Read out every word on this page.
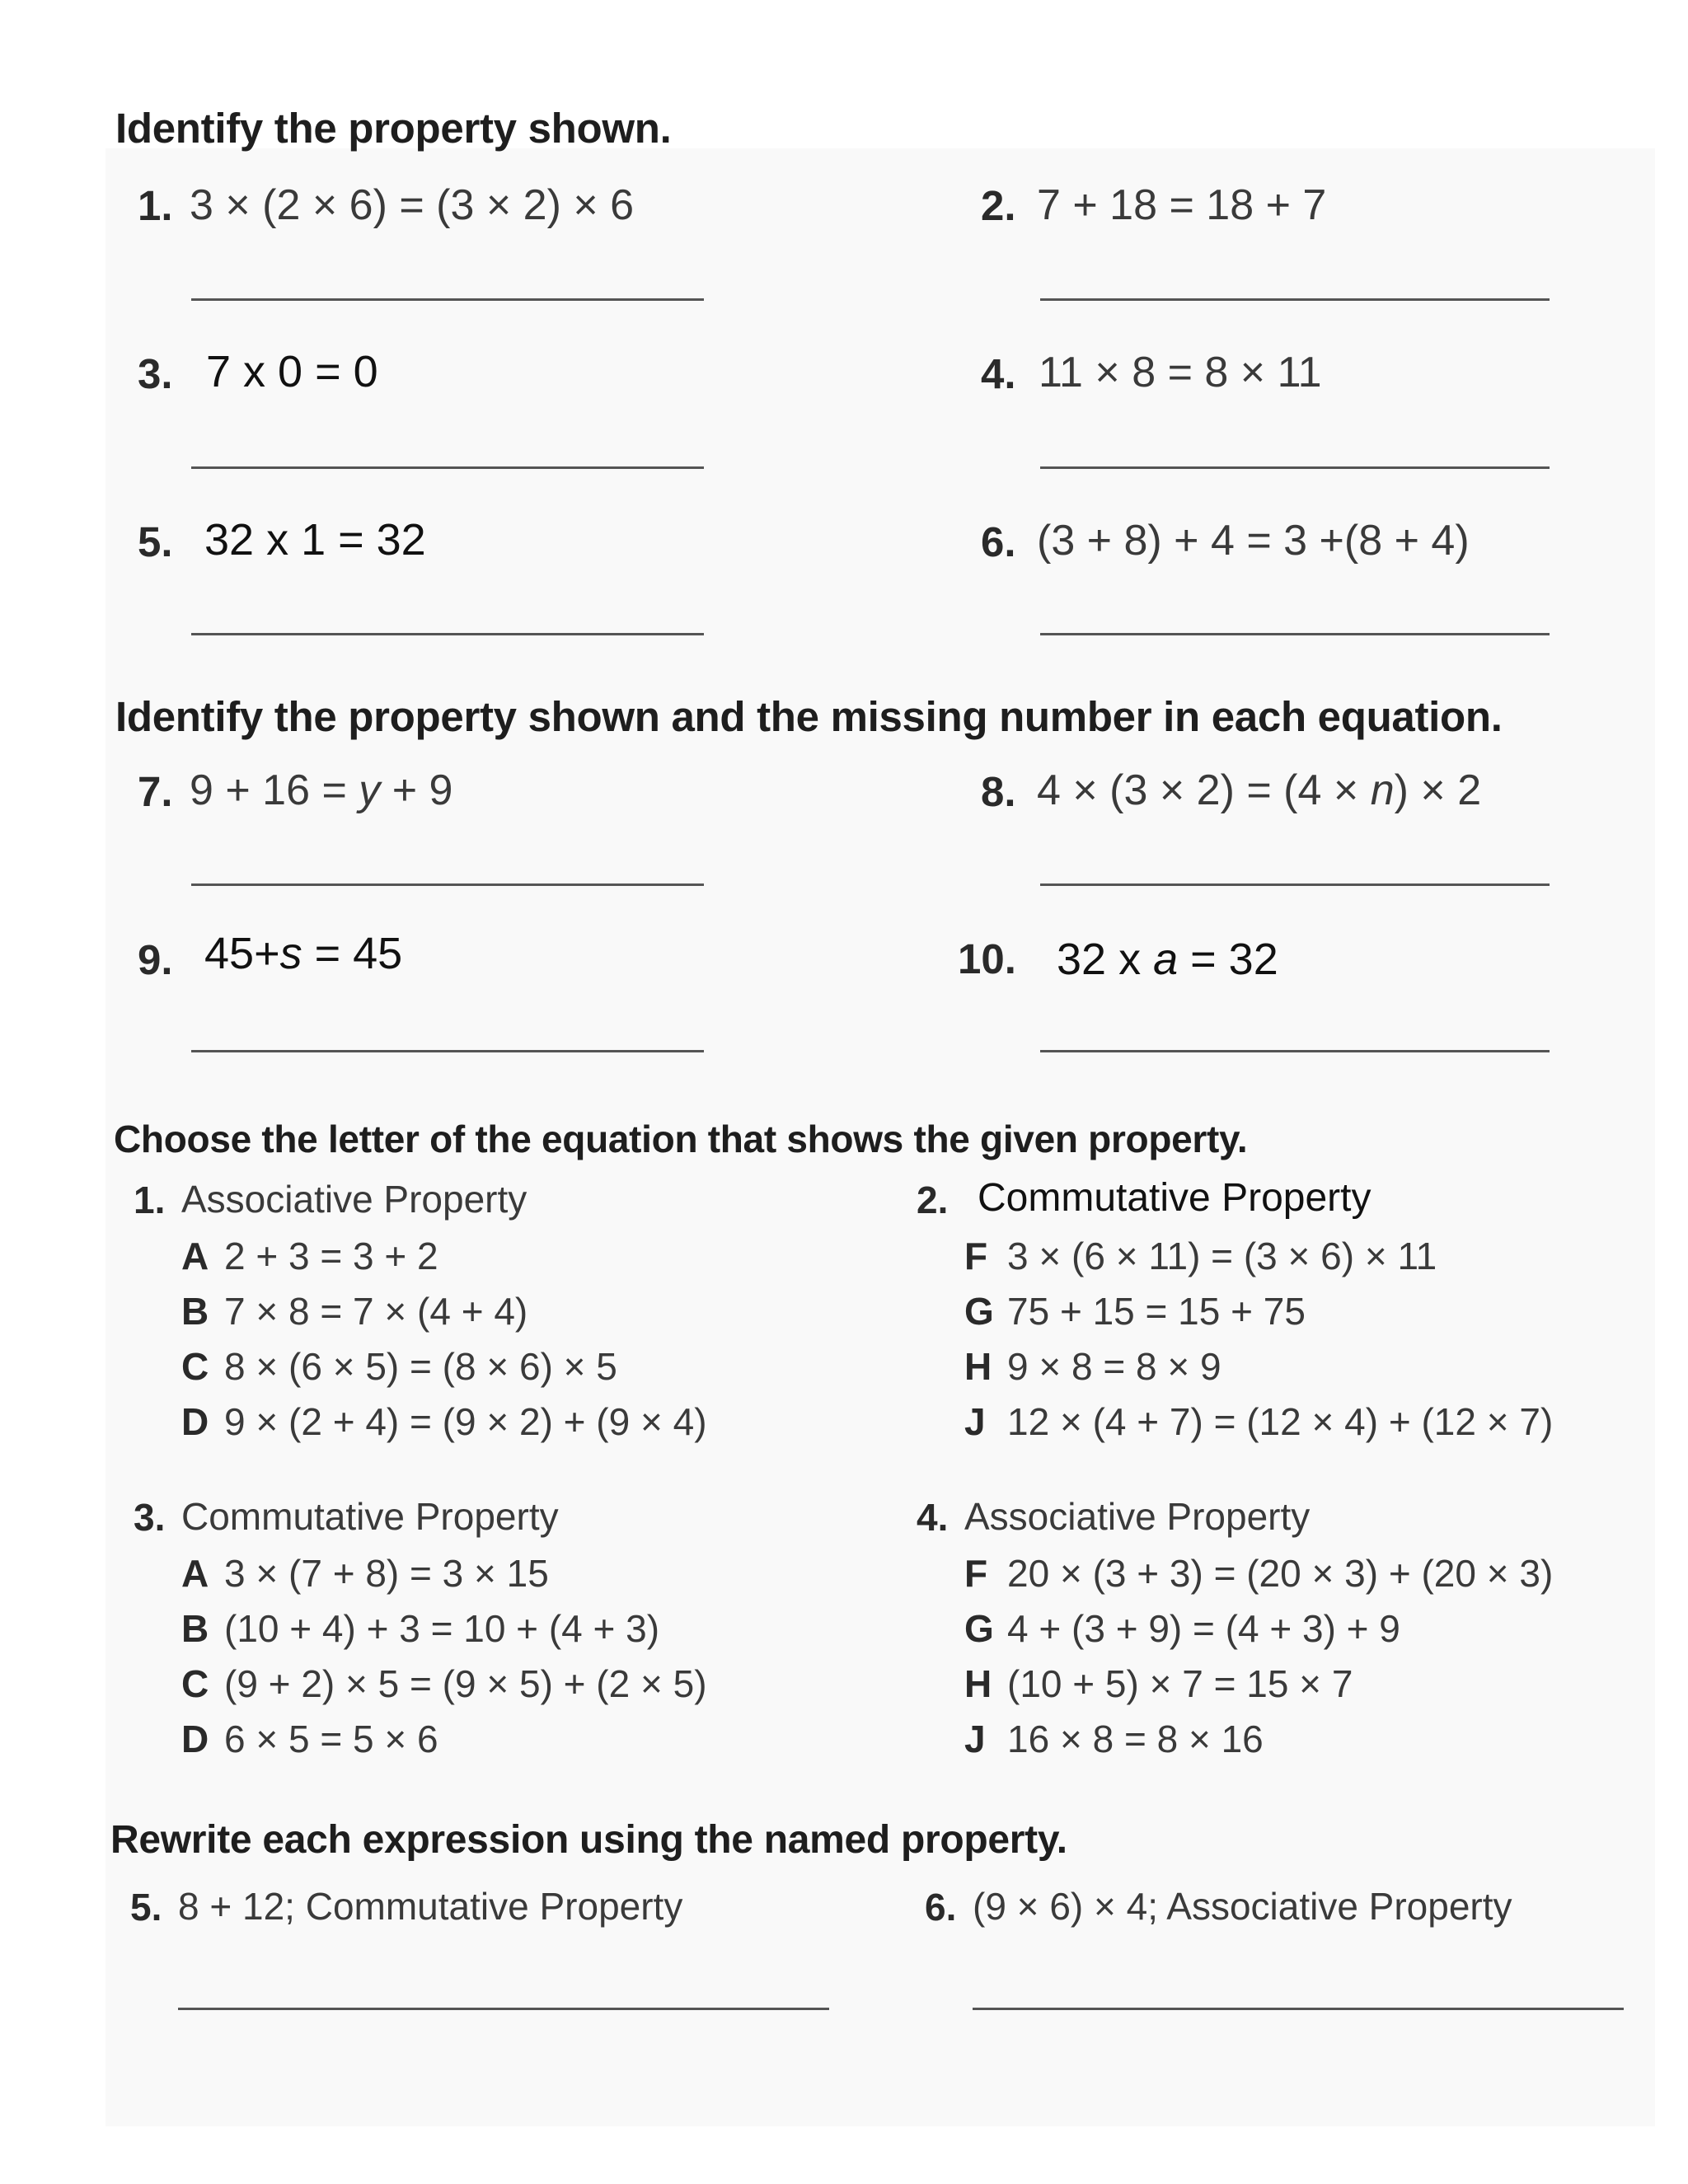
Identify the property shown.
1. 3 × (2 × 6) = (3 × 2) × 6	2. 7 + 18 = 18 + 7
3. 7 x 0 = 0	4. 11 × 8 = 8 × 11
5. 32 x 1 = 32	6. (3 + 8) + 4 = 3 +(8 + 4)
Identify the property shown and the missing number in each equation.
7. 9 + 16 = y + 9	8. 4 × (3 × 2) = (4 × n) × 2
9. 45+s = 45	10. 32 x a = 32
Choose the letter of the equation that shows the given property.
1. Associative Property
A 2 + 3 = 3 + 2
B 7 × 8 = 7 × (4 + 4)
C 8 × (6 × 5) = (8 × 6) × 5
D 9 × (2 + 4) = (9 × 2) + (9 × 4)
2. Commutative Property
F 3 × (6 × 11) = (3 × 6) × 11
G 75 + 15 = 15 + 75
H 9 × 8 = 8 × 9
J 12 × (4 + 7) = (12 × 4) + (12 × 7)
3. Commutative Property
A 3 × (7 + 8) = 3 × 15
B (10 + 4) + 3 = 10 + (4 + 3)
C (9 + 2) × 5 = (9 × 5) + (2 × 5)
D 6 × 5 = 5 × 6
4. Associative Property
F 20 × (3 + 3) = (20 × 3) + (20 × 3)
G 4 + (3 + 9) = (4 + 3) + 9
H (10 + 5) × 7 = 15 × 7
J 16 × 8 = 8 × 16
Rewrite each expression using the named property.
5. 8 + 12; Commutative Property	6. (9 × 6) × 4; Associative Property
